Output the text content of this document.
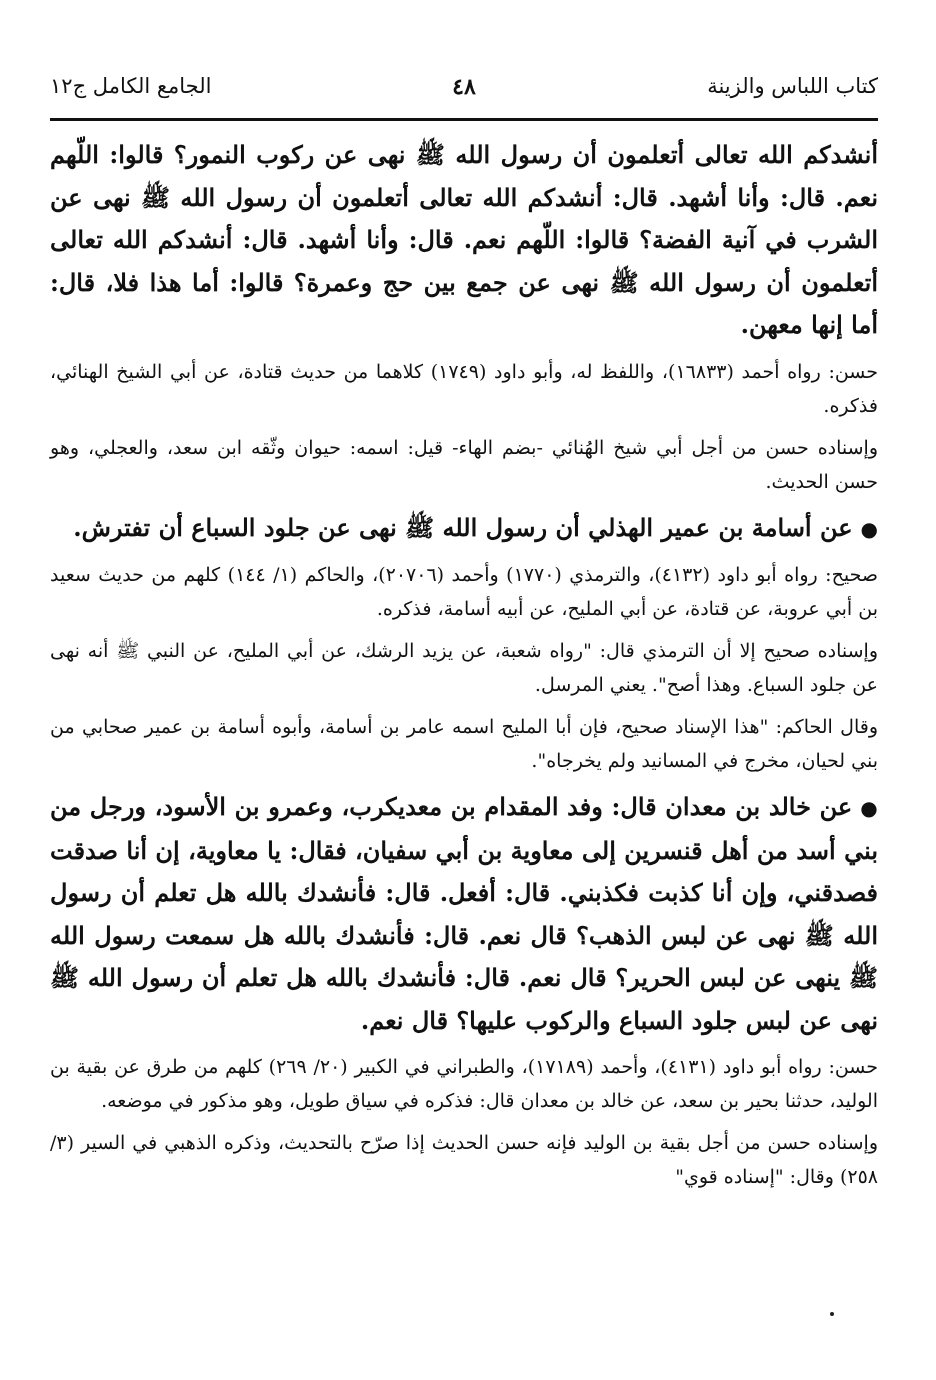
كتاب اللباس والزينة
٤٨
الجامع الكامل ج١٢

أنشدكم الله تعالى أتعلمون أن رسول الله ﷺ نهى عن ركوب النمور؟ قالوا: اللّهم نعم. قال: وأنا أشهد. قال: أنشدكم الله تعالى أتعلمون أن رسول الله ﷺ نهى عن الشرب في آنية الفضة؟ قالوا: اللّهم نعم. قال: وأنا أشهد. قال: أنشدكم الله تعالى أتعلمون أن رسول الله ﷺ نهى عن جمع بين حج وعمرة؟ قالوا: أما هذا فلا، قال: أما إنها معهن.

حسن: رواه أحمد (١٦٨٣٣)، واللفظ له، وأبو داود (١٧٤٩) كلاهما من حديث قتادة، عن أبي الشيخ الهنائي، فذكره.

وإسناده حسن من أجل أبي شيخ الهُنائي -بضم الهاء- قيل: اسمه: حيوان وثّقه ابن سعد، والعجلي، وهو حسن الحديث.

●عن أسامة بن عمير الهذلي أن رسول الله ﷺ نهى عن جلود السباع أن تفترش.

صحيح: رواه أبو داود (٤١٣٢)، والترمذي (١٧٧٠) وأحمد (٢٠٧٠٦)، والحاكم (١/ ١٤٤) كلهم من حديث سعيد بن أبي عروبة، عن قتادة، عن أبي المليح، عن أبيه أسامة، فذكره.

وإسناده صحيح إلا أن الترمذي قال: "رواه شعبة، عن يزيد الرشك، عن أبي المليح، عن النبي ﷺ أنه نهى عن جلود السباع. وهذا أصح". يعني المرسل.

وقال الحاكم: "هذا الإسناد صحيح، فإن أبا المليح اسمه عامر بن أسامة، وأبوه أسامة بن عمير صحابي من بني لحيان، مخرج في المسانيد ولم يخرجاه".

●عن خالد بن معدان قال: وفد المقدام بن معديكرب، وعمرو بن الأسود، ورجل من بني أسد من أهل قنسرين إلى معاوية بن أبي سفيان، فقال: يا معاوية، إن أنا صدقت فصدقني، وإن أنا كذبت فكذبني. قال: أفعل. قال: فأنشدك بالله هل تعلم أن رسول الله ﷺ نهى عن لبس الذهب؟ قال نعم. قال: فأنشدك بالله هل سمعت رسول الله ﷺ ينهى عن لبس الحرير؟ قال نعم. قال: فأنشدك بالله هل تعلم أن رسول الله ﷺ نهى عن لبس جلود السباع والركوب عليها؟ قال نعم.

حسن: رواه أبو داود (٤١٣١)، وأحمد (١٧١٨٩)، والطبراني في الكبير (٢٠/ ٢٦٩) كلهم من طرق عن بقية بن الوليد، حدثنا بحير بن سعد، عن خالد بن معدان قال: فذكره في سياق طويل، وهو مذكور في موضعه.

وإسناده حسن من أجل بقية بن الوليد فإنه حسن الحديث إذا صرّح بالتحديث، وذكره الذهبي في السير (٣/ ٢٥٨) وقال: "إسناده قوي"
